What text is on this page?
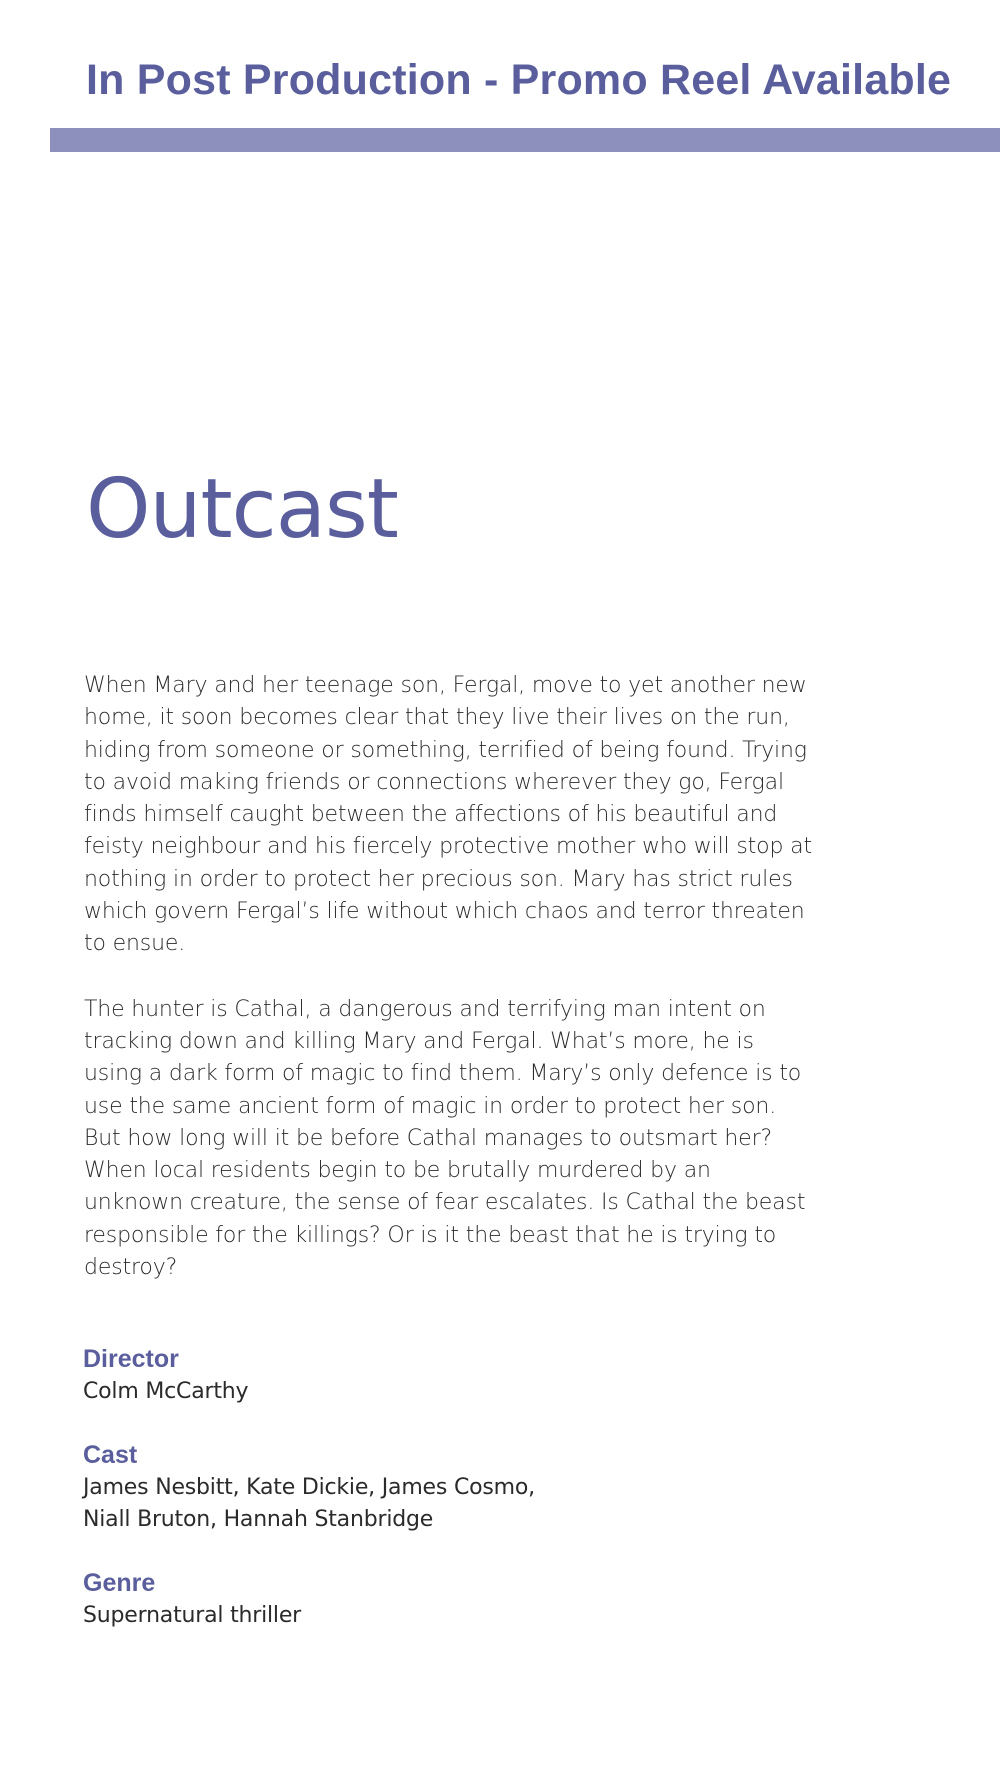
In Post Production - Promo Reel Available
Outcast

When Mary and her teenage son, Fergal, move to yet another new home, it soon becomes clear that they live their lives on the run, hiding from someone or something, terrified of being found. Trying to avoid making friends or connections wherever they go, Fergal finds himself caught between the affections of his beautiful and feisty neighbour and his fiercely protective mother who will stop at nothing in order to protect her precious son. Mary has strict rules which govern Fergal’s life without which chaos and terror threaten to ensue.

The hunter is Cathal, a dangerous and terrifying man intent on tracking down and killing Mary and Fergal. What’s more, he is using a dark form of magic to find them. Mary’s only defence is to use the same ancient form of magic in order to protect her son. But how long will it be before Cathal manages to outsmart her? When local residents begin to be brutally murdered by an unknown creature, the sense of fear escalates. Is Cathal the beast responsible for the killings? Or is it the beast that he is trying to destroy?

Director
Colm McCarthy
Cast
James Nesbitt, Kate Dickie, James Cosmo,
Niall Bruton, Hannah Stanbridge
Genre
Supernatural thriller
